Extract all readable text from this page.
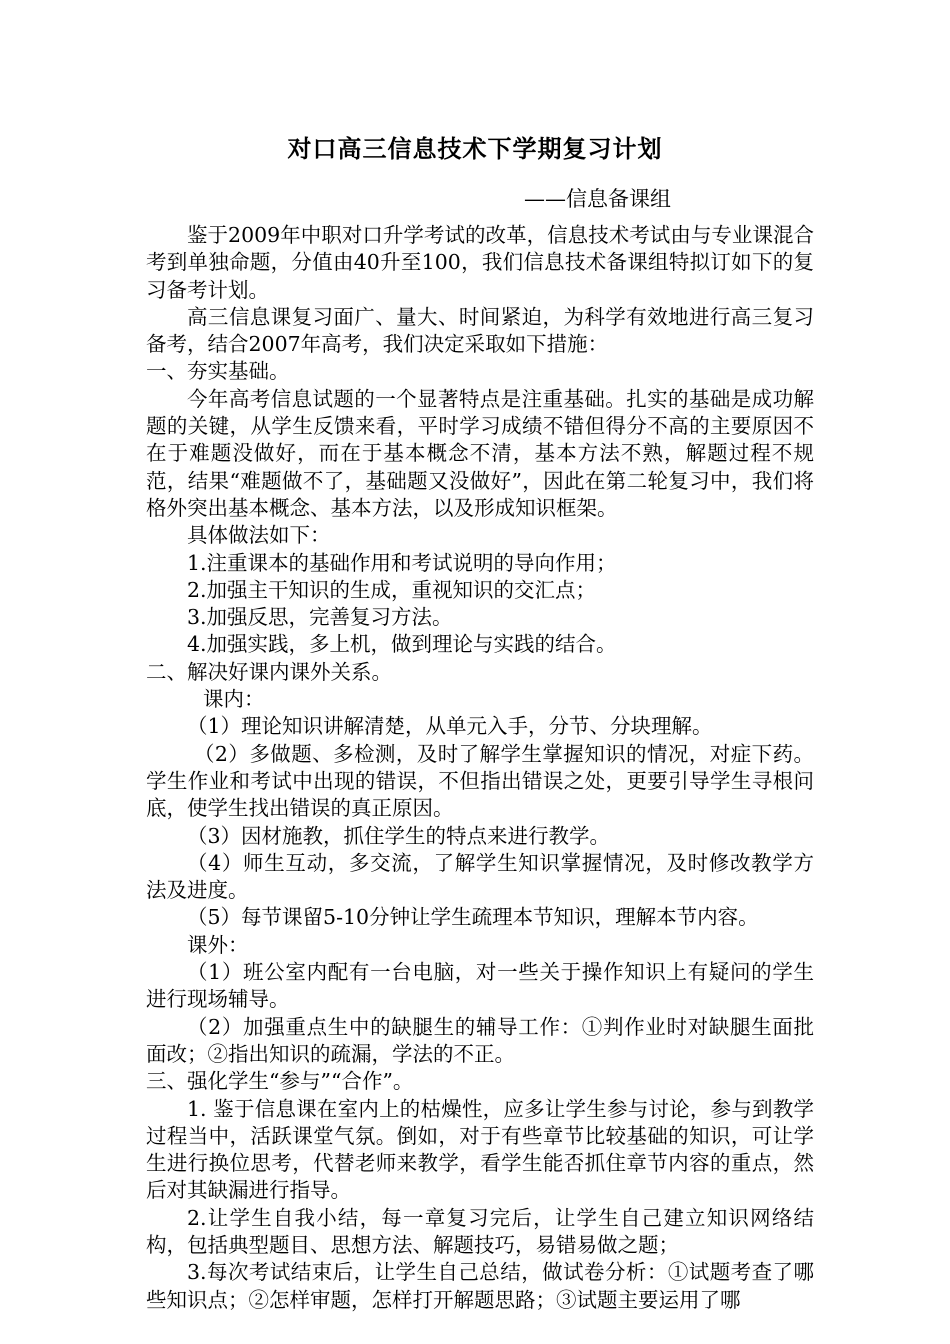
对口高三信息技术下学期复习计划
——信息备课组

鉴于2009年中职对口升学考试的改革，信息技术考试由与专业课混合考到单独命题，分值由40升至100，我们信息技术备课组特拟订如下的复习备考计划。

高三信息课复习面广、量大、时间紧迫，为科学有效地进行高三复习备考，结合2007年高考，我们决定采取如下措施：

一、夯实基础。

今年高考信息试题的一个显著特点是注重基础。扎实的基础是成功解题的关键，从学生反馈来看，平时学习成绩不错但得分不高的主要原因不在于难题没做好，而在于基本概念不清，基本方法不熟，解题过程不规范，结果“难题做不了，基础题又没做好”，因此在第二轮复习中，我们将格外突出基本概念、基本方法，以及形成知识框架。

具体做法如下：

1.注重课本的基础作用和考试说明的导向作用；

2.加强主干知识的生成，重视知识的交汇点；

3.加强反思，完善复习方法。

4.加强实践，多上机，做到理论与实践的结合。

二、解决好课内课外关系。

课内：

（1）理论知识讲解清楚，从单元入手，分节、分块理解。

（2）多做题、多检测，及时了解学生掌握知识的情况，对症下药。学生作业和考试中出现的错误，不但指出错误之处，更要引导学生寻根问底，使学生找出错误的真正原因。

（3）因材施教，抓住学生的特点来进行教学。

（4）师生互动，多交流，了解学生知识掌握情况，及时修改教学方法及进度。

（5）每节课留5-10分钟让学生疏理本节知识，理解本节内容。

课外：

（1）班公室内配有一台电脑，对一些关于操作知识上有疑问的学生进行现场辅导。

（2）加强重点生中的缺腿生的辅导工作：①判作业时对缺腿生面批面改；②指出知识的疏漏，学法的不正。

三、强化学生“参与”“合作”。

1. 鉴于信息课在室内上的枯燥性，应多让学生参与讨论，参与到教学过程当中，活跃课堂气氛。倒如，对于有些章节比较基础的知识，可让学生进行换位思考，代替老师来教学，看学生能否抓住章节内容的重点，然后对其缺漏进行指导。

2.让学生自我小结，每一章复习完后，让学生自己建立知识网络结构，包括典型题目、思想方法、解题技巧，易错易做之题；

3.每次考试结束后，让学生自己总结，做试卷分析：①试题考查了哪些知识点；②怎样审题，怎样打开解题思路；③试题主要运用了哪
